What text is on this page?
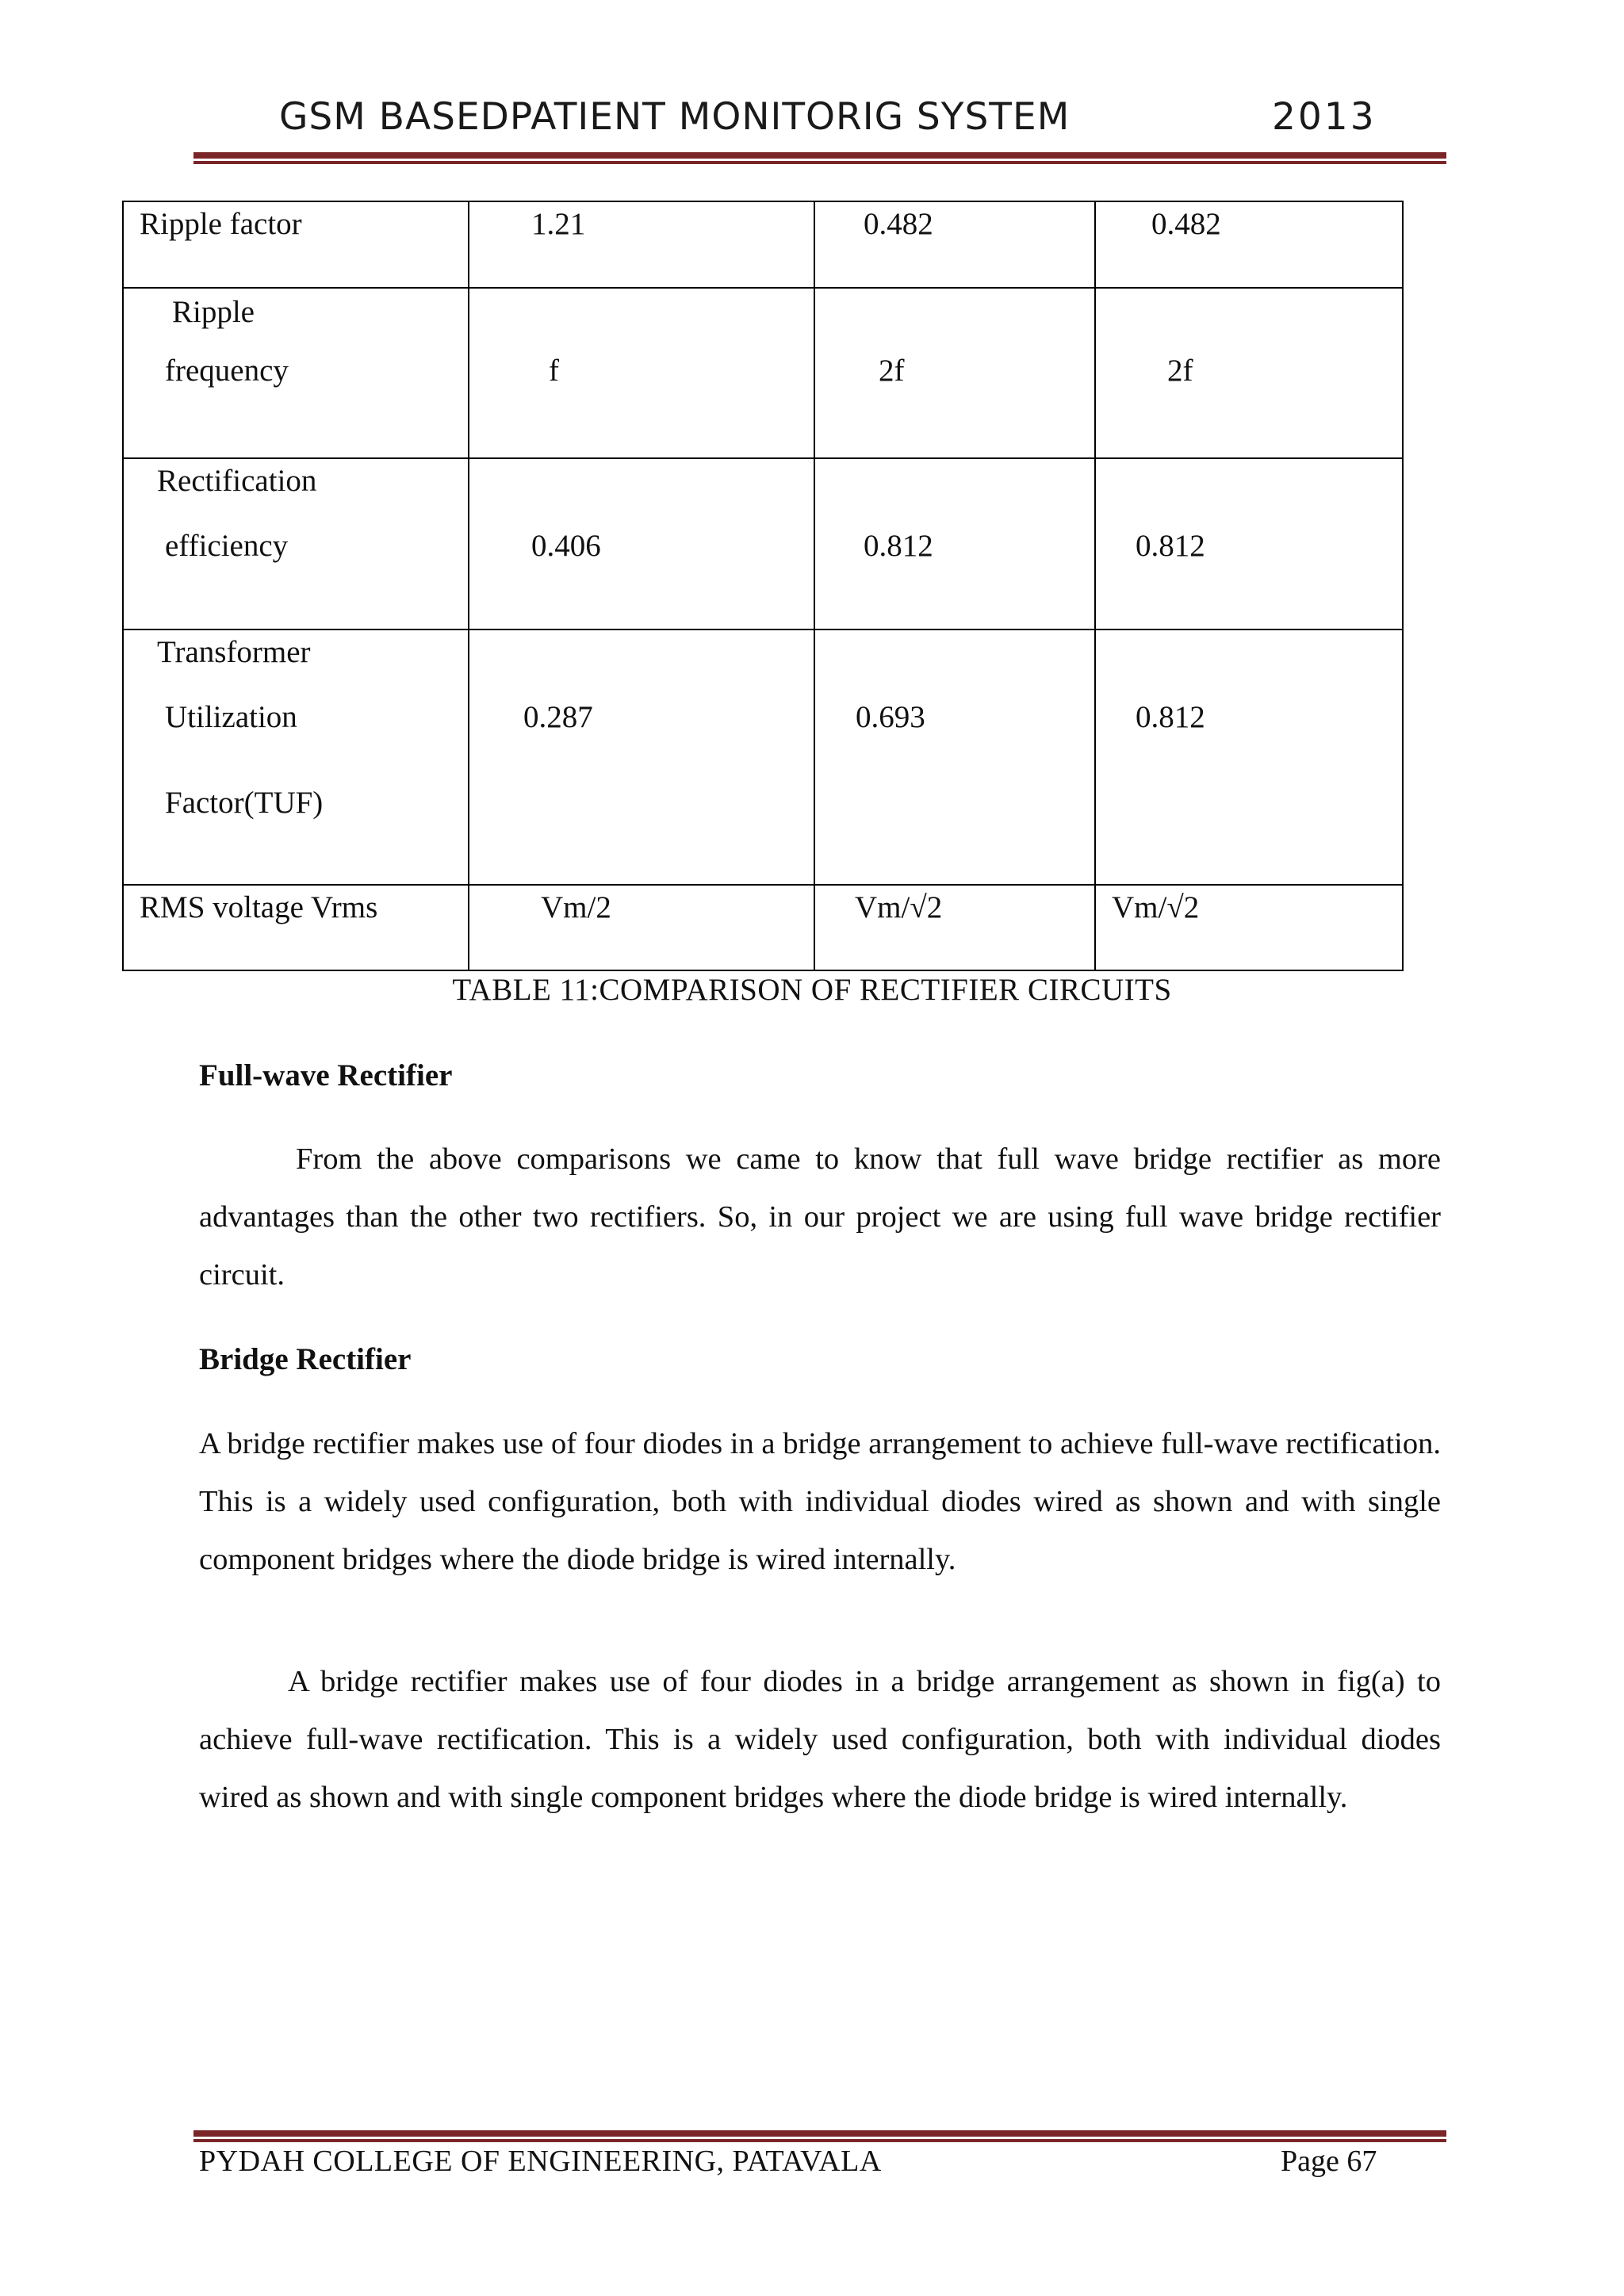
GSM BASEDPATIENT MONITORIG SYSTEM	2013
Ripple factor	1.21	0.482	0.482

Ripple
frequency	f	2f	2f

Rectification
efficiency	0.406	0.812	0.812

Transformer
Utilization
Factor(TUF)	0.287	0.693	0.812

RMS voltage Vrms	Vm/2	Vm/√2	Vm/√2
TABLE 11:COMPARISON OF RECTIFIER CIRCUITS
Full-wave Rectifier
From the above comparisons we came to know that full wave bridge rectifier as more advantages than the other two rectifiers. So, in our project we are using full wave bridge rectifier circuit.
Bridge Rectifier
A bridge rectifier makes use of four diodes in a bridge arrangement to achieve full-wave rectification. This is a widely used configuration, both with individual diodes wired as shown and with single component bridges where the diode bridge is wired internally.
A bridge rectifier makes use of four diodes in a bridge arrangement as shown in fig(a) to achieve full-wave rectification. This is a widely used configuration, both with individual diodes wired as shown and with single component bridges where the diode bridge is wired internally.
PYDAH COLLEGE OF ENGINEERING, PATAVALA	Page 67
